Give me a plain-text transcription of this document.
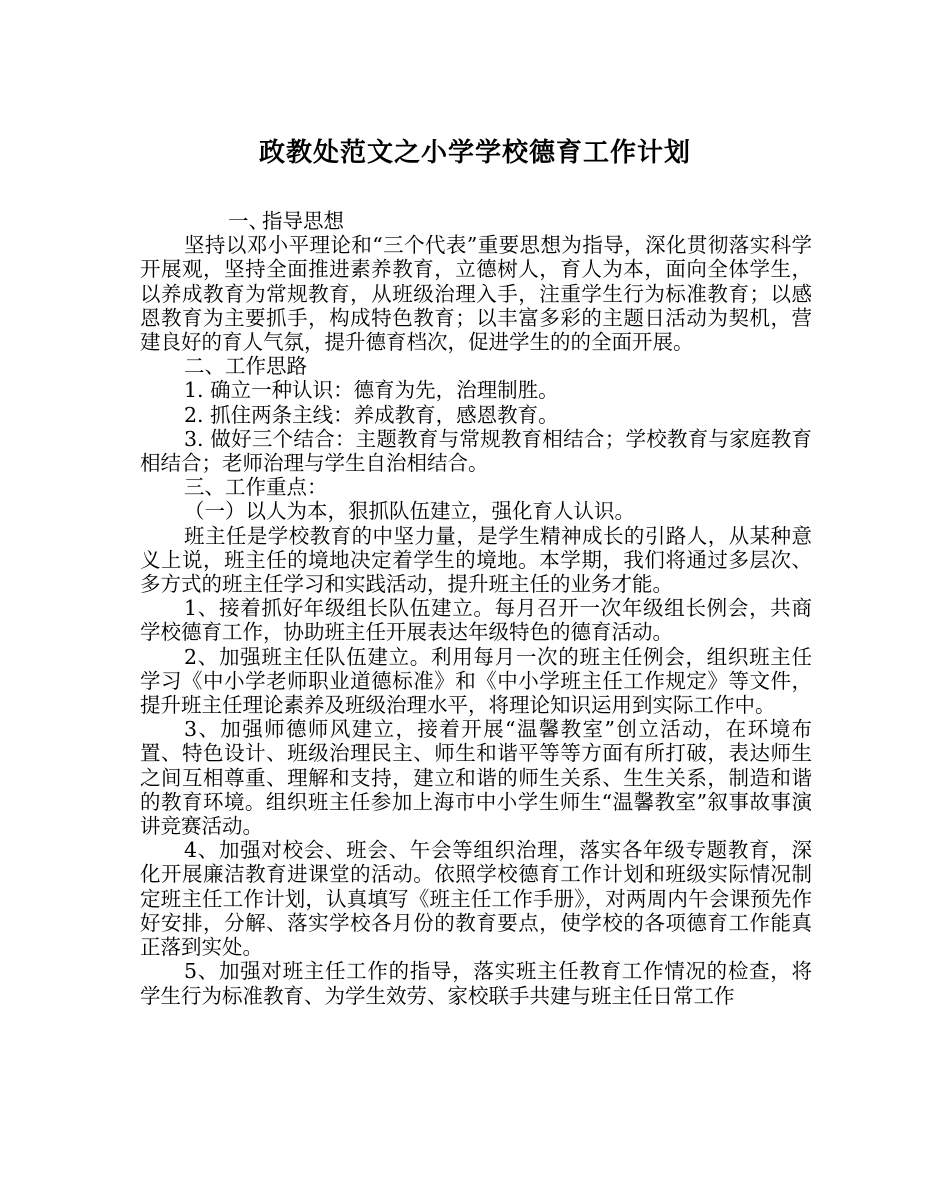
政教处范文之小学学校德育工作计划

一、指导思想

坚持以邓小平理论和“三个代表”重要思想为指导，深化贯彻落实科学开展观，坚持全面推进素养教育，立德树人，育人为本，面向全体学生，以养成教育为常规教育，从班级治理入手，注重学生行为标准教育；以感恩教育为主要抓手，构成特色教育；以丰富多彩的主题日活动为契机，营建良好的育人气氛，提升德育档次，促进学生的的全面开展。

二、工作思路

1. 确立一种认识：德育为先，治理制胜。

2. 抓住两条主线：养成教育，感恩教育。

3. 做好三个结合：主题教育与常规教育相结合；学校教育与家庭教育相结合；老师治理与学生自治相结合。

三、工作重点：

（一）以人为本，狠抓队伍建立，强化育人认识。

班主任是学校教育的中坚力量，是学生精神成长的引路人，从某种意义上说，班主任的境地决定着学生的境地。本学期，我们将通过多层次、多方式的班主任学习和实践活动，提升班主任的业务才能。

1、接着抓好年级组长队伍建立。每月召开一次年级组长例会，共商学校德育工作，协助班主任开展表达年级特色的德育活动。

2、加强班主任队伍建立。利用每月一次的班主任例会，组织班主任学习《中小学老师职业道德标准》和《中小学班主任工作规定》等文件，提升班主任理论素养及班级治理水平，将理论知识运用到实际工作中。

3、加强师德师风建立，接着开展“温馨教室”创立活动，在环境布置、特色设计、班级治理民主、师生和谐平等等方面有所打破，表达师生之间互相尊重、理解和支持，建立和谐的师生关系、生生关系，制造和谐的教育环境。组织班主任参加上海市中小学生师生“温馨教室”叙事故事演讲竞赛活动。

4、加强对校会、班会、午会等组织治理，落实各年级专题教育，深化开展廉洁教育进课堂的活动。依照学校德育工作计划和班级实际情况制定班主任工作计划，认真填写《班主任工作手册》，对两周内午会课预先作好安排，分解、落实学校各月份的教育要点，使学校的各项德育工作能真正落到实处。

5、加强对班主任工作的指导，落实班主任教育工作情况的检查，将学生行为标准教育、为学生效劳、家校联手共建与班主任日常工作
